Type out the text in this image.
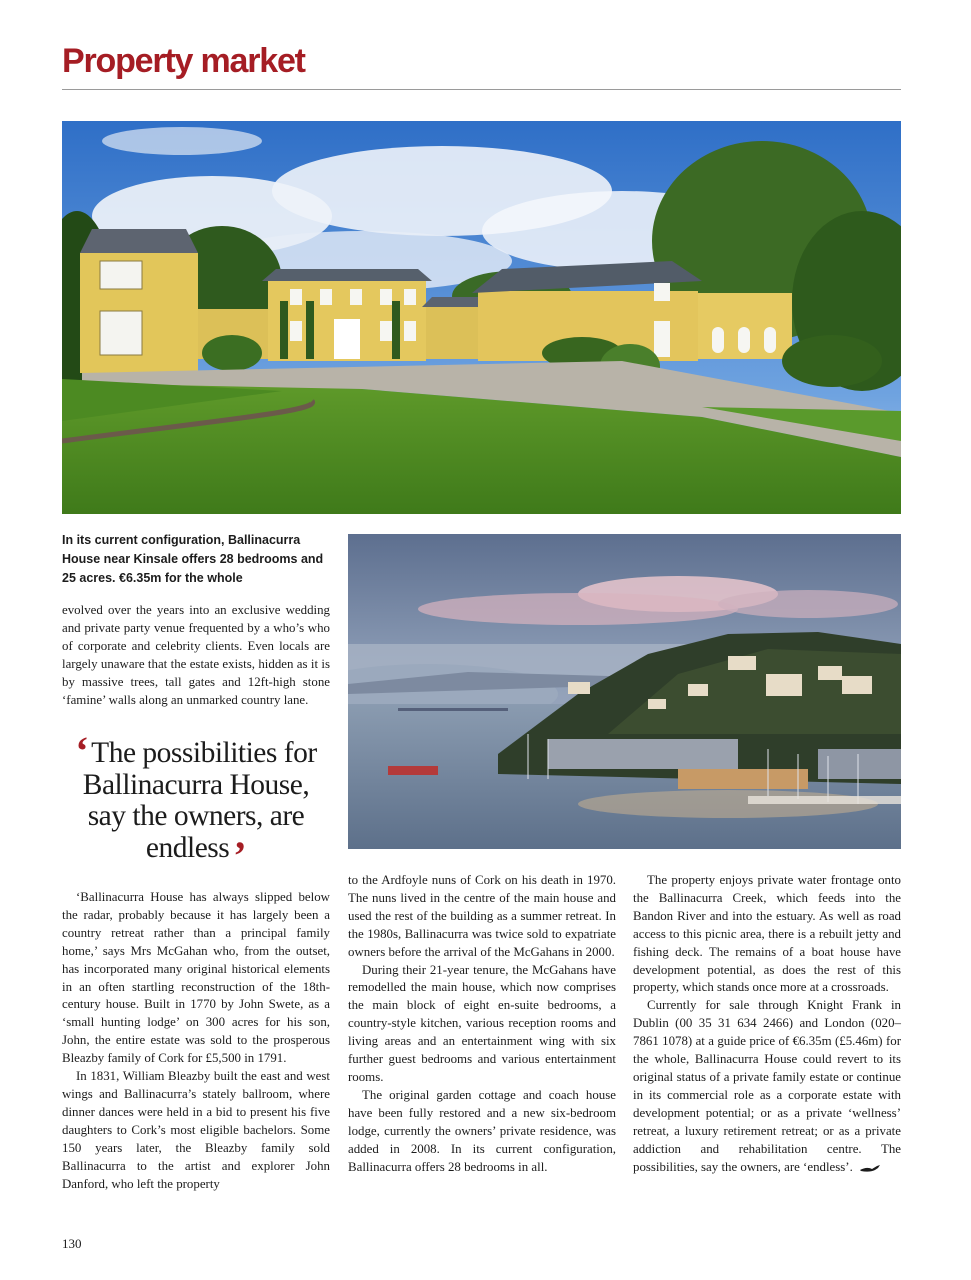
Property market

In its current configuration, Ballinacurra House near Kinsale offers 28 bedrooms and 25 acres. €6.35m for the whole

evolved over the years into an exclusive wedding and private party venue frequented by a who’s who of corporate and celebrity clients. Even locals are largely unaware that the estate exists, hidden as it is by massive trees, tall gates and 12ft-high stone ‘famine’ walls along an unmarked country lane.

‘ The possibilities for Ballinacurra House, say the owners, are endless ’

‘Ballinacurra House has always slipped below the radar, probably because it has largely been a country retreat rather than a principal family home,’ says Mrs McGahan who, from the outset, has incorporated many original historical elements in an often startling reconstruction of the 18th-century house. Built in 1770 by John Swete, as a ‘small hunting lodge’ on 300 acres for his son, John, the entire estate was sold to the prosperous Bleazby family of Cork for £5,500 in 1791.

In 1831, William Bleazby built the east and west wings and Ballinacurra’s stately ballroom, where dinner dances were held in a bid to present his five daughters to Cork’s most eligible bachelors. Some 150 years later, the Bleazby family sold Ballinacurra to the artist and explorer John Danford, who left the property

to the Ardfoyle nuns of Cork on his death in 1970. The nuns lived in the centre of the main house and used the rest of the building as a summer retreat. In the 1980s, Ballinacurra was twice sold to expatriate owners before the arrival of the McGahans in 2000.

During their 21-year tenure, the McGahans have remodelled the main house, which now comprises the main block of eight en-suite bedrooms, a country-style kitchen, various reception rooms and living areas and an entertainment wing with six further guest bedrooms and various entertainment rooms.

The original garden cottage and coach house have been fully restored and a new six-bedroom lodge, currently the owners’ private residence, was added in 2008. In its current configuration, Ballinacurra offers 28 bedrooms in all.

The property enjoys private water frontage onto the Ballinacurra Creek, which feeds into the Bandon River and into the estuary. As well as road access to this picnic area, there is a rebuilt jetty and fishing deck. The remains of a boat house have development potential, as does the rest of this property, which stands once more at a crossroads.

Currently for sale through Knight Frank in Dublin (00 35 31 634 2466) and London (020–7861 1078) at a guide price of €6.35m (£5.46m) for the whole, Ballinacurra House could revert to its original status of a private family estate or continue in its commercial role as a corporate estate with development potential; or as a private ‘wellness’ retreat, a luxury retirement retreat; or as a private addiction and rehabilitation centre. The possibilities, say the owners, are ‘endless’.

130
